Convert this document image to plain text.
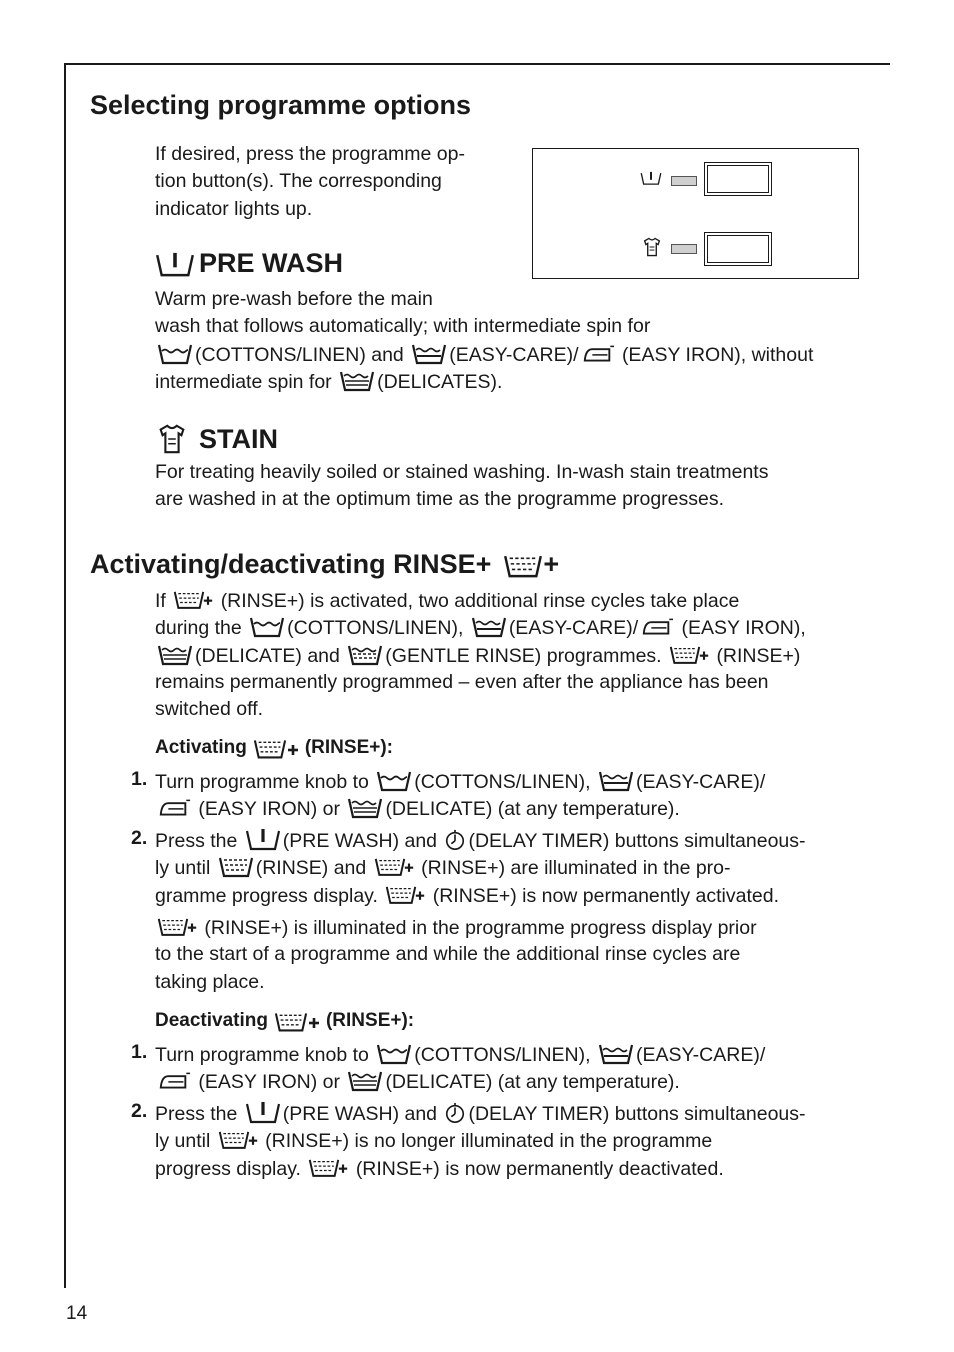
Selecting programme options
If desired, press the programme op-
tion button(s). The corresponding
indicator lights up.
PRE WASH
Warm pre-wash before the main
wash that follows automatically; with intermediate spin for
(COTTONS/LINEN) and (EASY-CARE)/ (EASY IRON), without
intermediate spin for (DELICATES).
STAIN
For treating heavily soiled or stained washing. In-wash stain treatments
are washed in at the optimum time as the programme progresses.
Activating/deactivating RINSE+ +
If	(RINSE+) is activated, two additional rinse cycles take place
during the (COTTONS/LINEN), (EASY-CARE)/ (EASY IRON),
(DELICATE) and (GENTLE RINSE) programmes.	(RINSE+)
remains permanently programmed – even after the appliance has been
switched off.
Activating	(RINSE+):
1. Turn programme knob to (COTTONS/LINEN), (EASY-CARE)/
(EASY IRON) or (DELICATE) (at any temperature).
2. Press the (PRE WASH) and (DELAY TIMER) buttons simultaneous-
ly until (RINSE) and	(RINSE+) are illuminated in the pro-
gramme progress display.	(RINSE+) is now permanently activated.
(RINSE+) is illuminated in the programme progress display prior
to the start of a programme and while the additional rinse cycles are
taking place.
Deactivating	(RINSE+):
1. Turn programme knob to (COTTONS/LINEN), (EASY-CARE)/
(EASY IRON) or (DELICATE) (at any temperature).
2. Press the (PRE WASH) and (DELAY TIMER) buttons simultaneous-
ly until	(RINSE+) is no longer illuminated in the programme
progress display.	(RINSE+) is now permanently deactivated.
14
